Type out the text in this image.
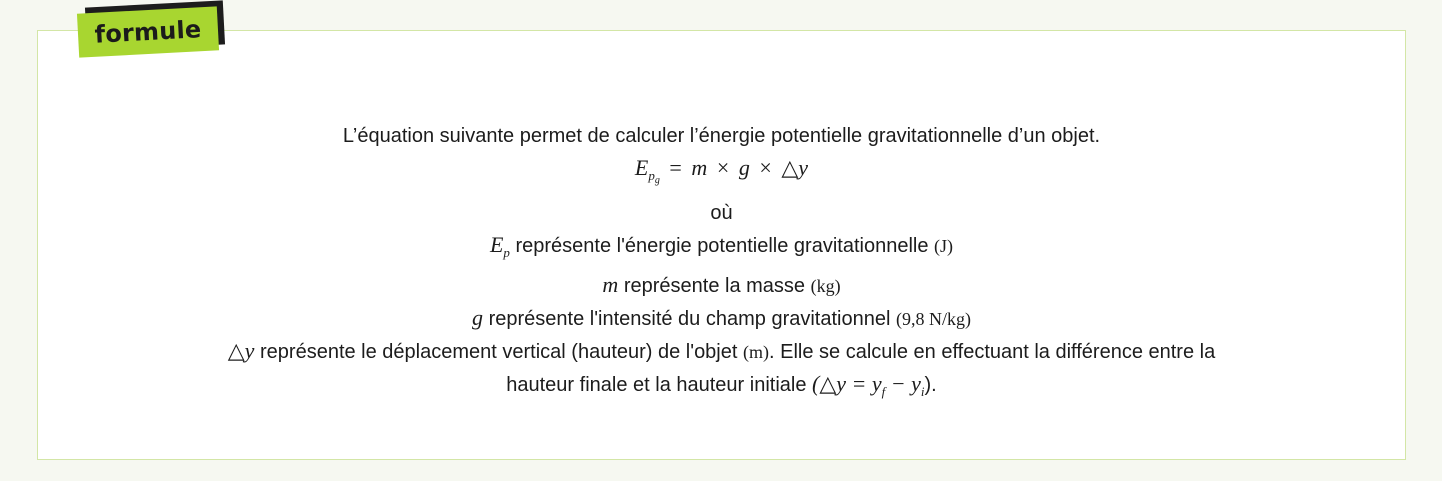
formule
L’équation suivante permet de calculer l’énergie potentielle gravitationnelle d’un objet.
$E_{p_g} = m \times g$ × △y
où
$E_p$ représente l'énergie potentielle gravitationnelle (J)
m représente la masse (kg)
g représente l'intensité du champ gravitationnel (9,8 N/kg)
△y représente le déplacement vertical (hauteur) de l'objet (m). Elle se calcule en effectuant la différence entre la
hauteur finale et la hauteur initiale (△y = $y_f - y_i$).
